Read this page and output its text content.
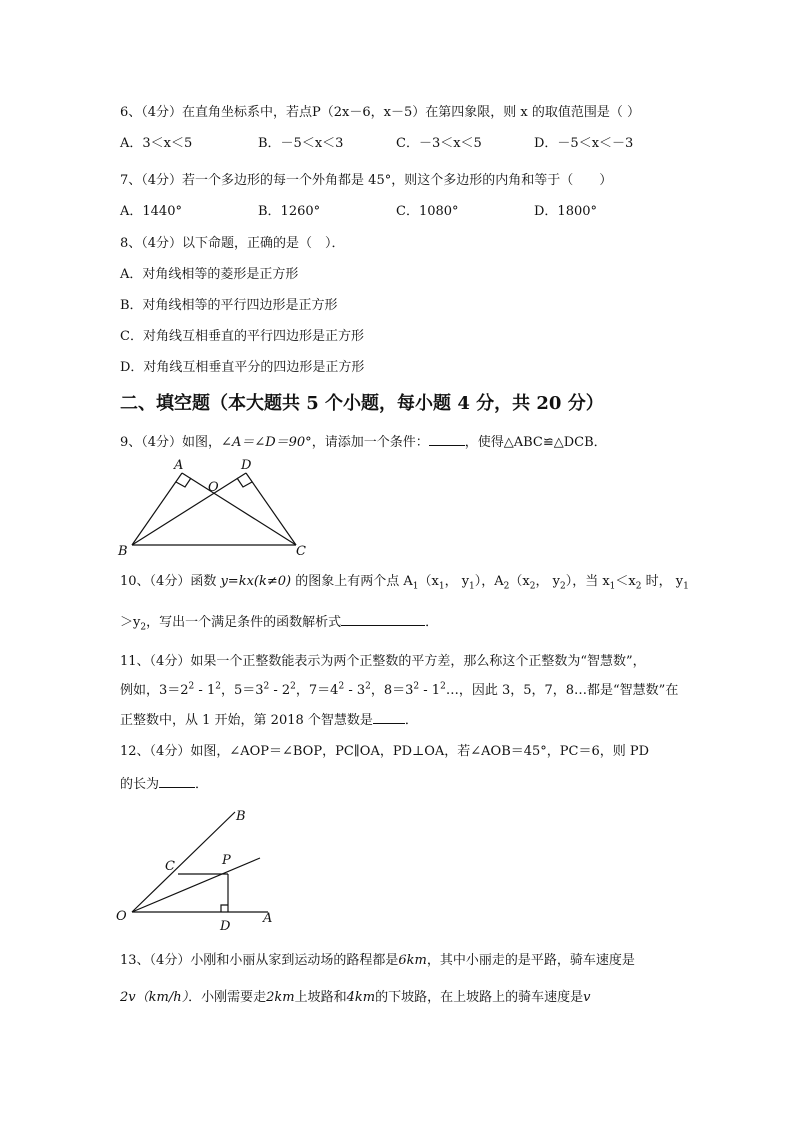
6、（4分）在直角坐标系中，若点P（2x－6，x－5）在第四象限，则 x 的取值范围是（ ）
A．3＜x＜5	B．－5＜x＜3	C．－3＜x＜5	D．－5＜x＜－3
7、（4分）若一个多边形的每一个外角都是 45°，则这个多边形的内角和等于（　　）
A．1440°	B．1260°	C．1080°	D．1800°
8、（4分）以下命题，正确的是（　）．
A．对角线相等的菱形是正方形
B．对角线相等的平行四边形是正方形
C．对角线互相垂直的平行四边形是正方形
D．对角线互相垂直平分的四边形是正方形
二、填空题（本大题共 5 个小题，每小题 4 分，共 20 分）
9、（4分）如图，∠A＝∠D＝90°，请添加一个条件：	，使得△ABC≌△DCB．
A	D
O
B	C
10、（4分）函数 y=kx(k≠0) 的图象上有两个点 $A_1(x_1$， $y_1$），$A_2(x_2$， $y_2$），当 $x_1<x_2$ 时， $y_1$
$>y_2$，写出一个满足条件的函数解析式	．
11、（4分）如果一个正整数能表示为两个正整数的平方差，那么称这个正整数为“智慧数”，
例如，$3=2^2 - 1^2$，$5=3^2 - 2^2$，$7=4^2 - 3^2$，$8=3^2$ - $1^2\dots$，因此 3，5，7，8…都是“智慧数”在
正整数中，从 1 开始，第 2018 个智慧数是 ．
12、（4分）如图，∠AOP＝∠BOP，PC∥OA，PD⊥OA，若∠AOB＝45°，PC＝6，则 PD
的长为	．
B
C	P
O
D
A
13、（4分）小刚和小丽从家到运动场的路程都是6km，其中小丽走的是平路，骑车速度是
2v（km/h）．小刚需要走2km上坡路和4km的下坡路，在上坡路上的骑车速度是v
